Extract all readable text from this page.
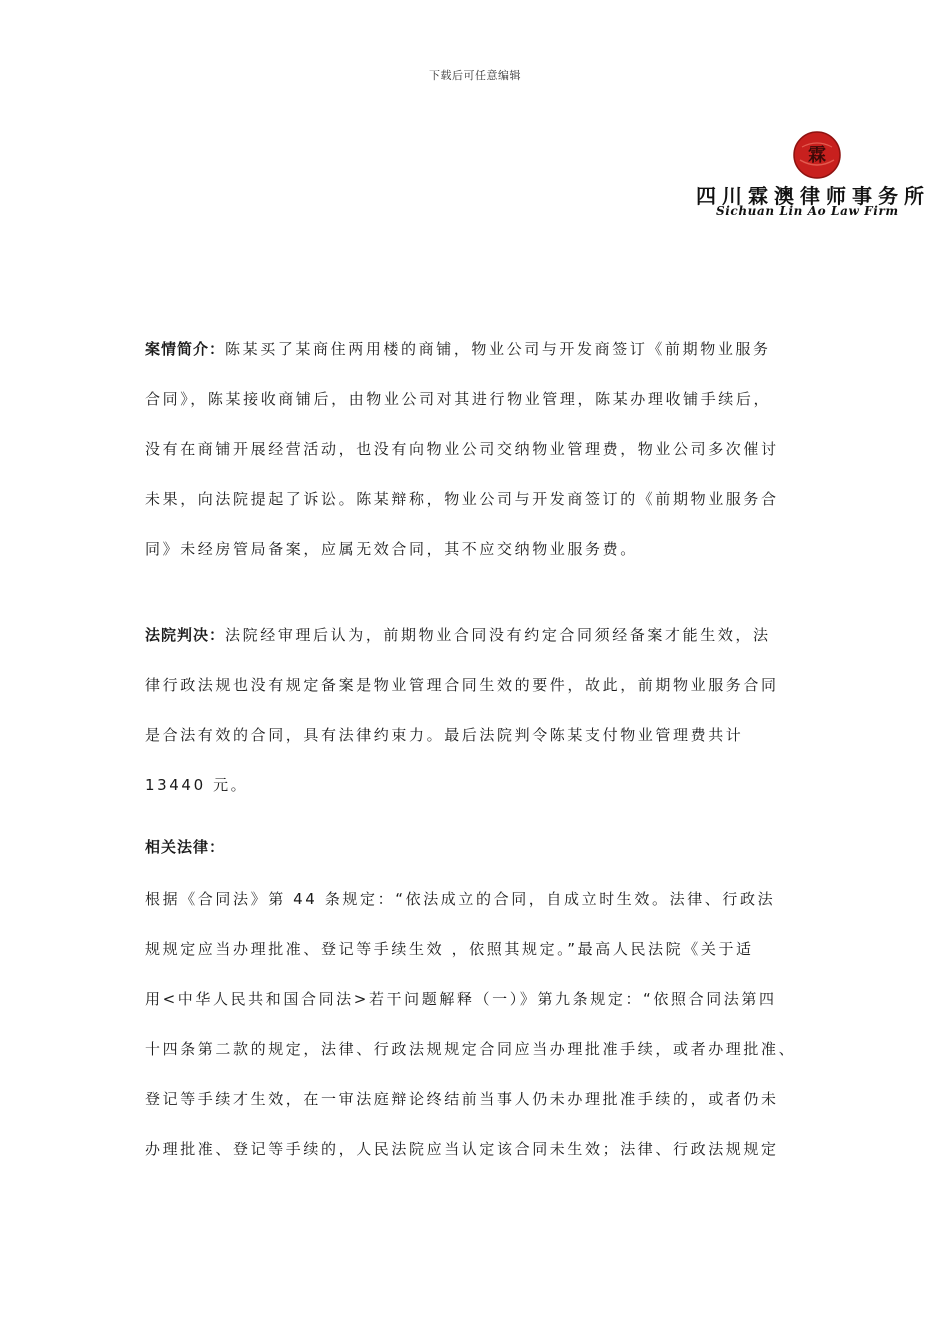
下载后可任意编辑
霖
四川霖澳律师事务所
Sichuan Lin Ao Law Firm

案情简介：陈某买了某商住两用楼的商铺，物业公司与开发商签订《前期物业服务
合同》，陈某接收商铺后，由物业公司对其进行物业管理，陈某办理收铺手续后，
没有在商铺开展经营活动，也没有向物业公司交纳物业管理费，物业公司多次催讨
未果，向法院提起了诉讼。陈某辩称，物业公司与开发商签订的《前期物业服务合
同》未经房管局备案，应属无效合同，其不应交纳物业服务费。

法院判决：法院经审理后认为，前期物业合同没有约定合同须经备案才能生效，法
律行政法规也没有规定备案是物业管理合同生效的要件，故此，前期物业服务合同
是合法有效的合同，具有法律约束力。最后法院判令陈某支付物业管理费共计
13440 元。

相关法律：
根据《合同法》第 44 条规定：“依法成立的合同，自成立时生效。法律、行政法
规规定应当办理批准、登记等手续生效 ，依照其规定。”最高人民法院《关于适
用<中华人民共和国合同法>若干问题解释（一）》第九条规定：“依照合同法第四
十四条第二款的规定，法律、行政法规规定合同应当办理批准手续，或者办理批准、
登记等手续才生效，在一审法庭辩论终结前当事人仍未办理批准手续的，或者仍未
办理批准、登记等手续的，人民法院应当认定该合同未生效；法律、行政法规规定
